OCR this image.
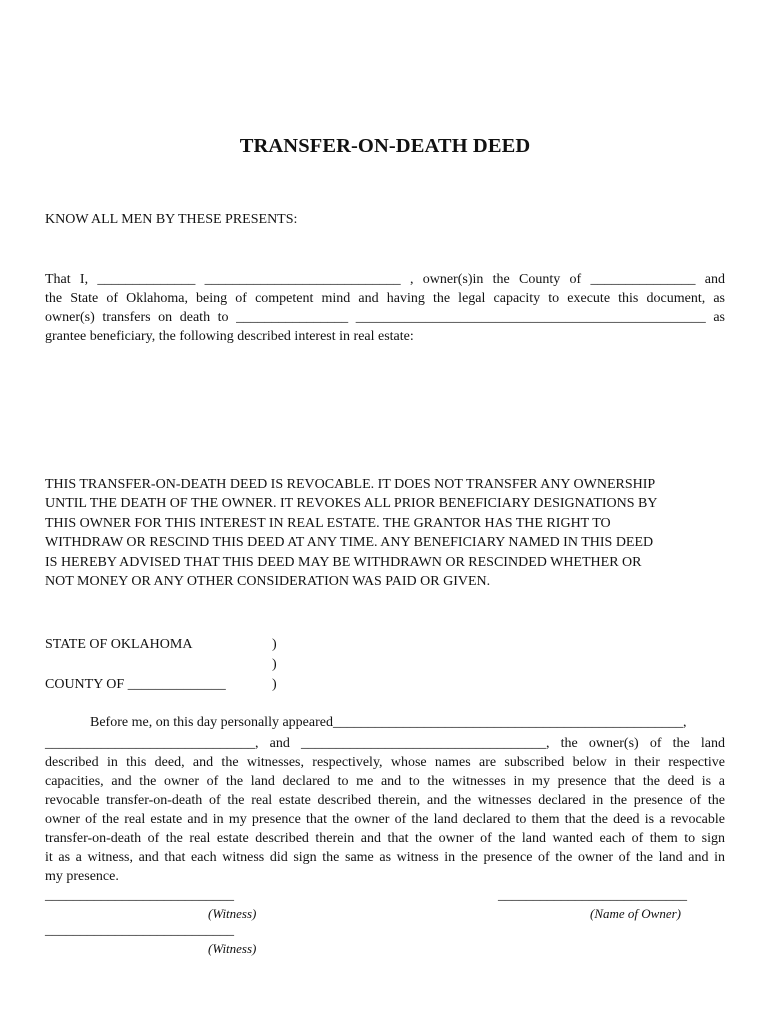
TRANSFER-ON-DEATH DEED
KNOW ALL MEN BY THESE PRESENTS:
That I, ______________ ____________________________ , owner(s)in the County of _______________ and
the State of Oklahoma, being of competent mind and having the legal capacity to execute this document, as
owner(s) transfers on death to ________________ __________________________________________________ as
grantee beneficiary, the following described interest in real estate:
THIS TRANSFER-ON-DEATH DEED IS REVOCABLE. IT DOES NOT TRANSFER ANY OWNERSHIP
UNTIL THE DEATH OF THE OWNER. IT REVOKES ALL PRIOR BENEFICIARY DESIGNATIONS BY
THIS OWNER FOR THIS INTEREST IN REAL ESTATE. THE GRANTOR HAS THE RIGHT TO
WITHDRAW OR RESCIND THIS DEED AT ANY TIME. ANY BENEFICIARY NAMED IN THIS DEED
IS HEREBY ADVISED THAT THIS DEED MAY BE WITHDRAWN OR RESCINDED WHETHER OR
NOT MONEY OR ANY OTHER CONSIDERATION WAS PAID OR GIVEN.
STATE OF OKLAHOMA	)
)
COUNTY OF ______________	)
Before me, on this day personally appeared__________________________________________________,
______________________________, and ___________________________________, the owner(s) of the land
described in this deed, and the witnesses, respectively, whose names are subscribed below in their respective
capacities, and the owner of the land declared to me and to the witnesses in my presence that the deed is a
revocable transfer-on-death of the real estate described therein, and the witnesses declared in the presence of the
owner of the real estate and in my presence that the owner of the land declared to them that the deed is a revocable
transfer-on-death of the real estate described therein and that the owner of the land wanted each of them to sign
it as a witness, and that each witness did sign the same as witness in the presence of the owner of the land and in
my presence.
___________________________
(Witness)
___________________________
(Name of Owner)
___________________________
(Witness)
